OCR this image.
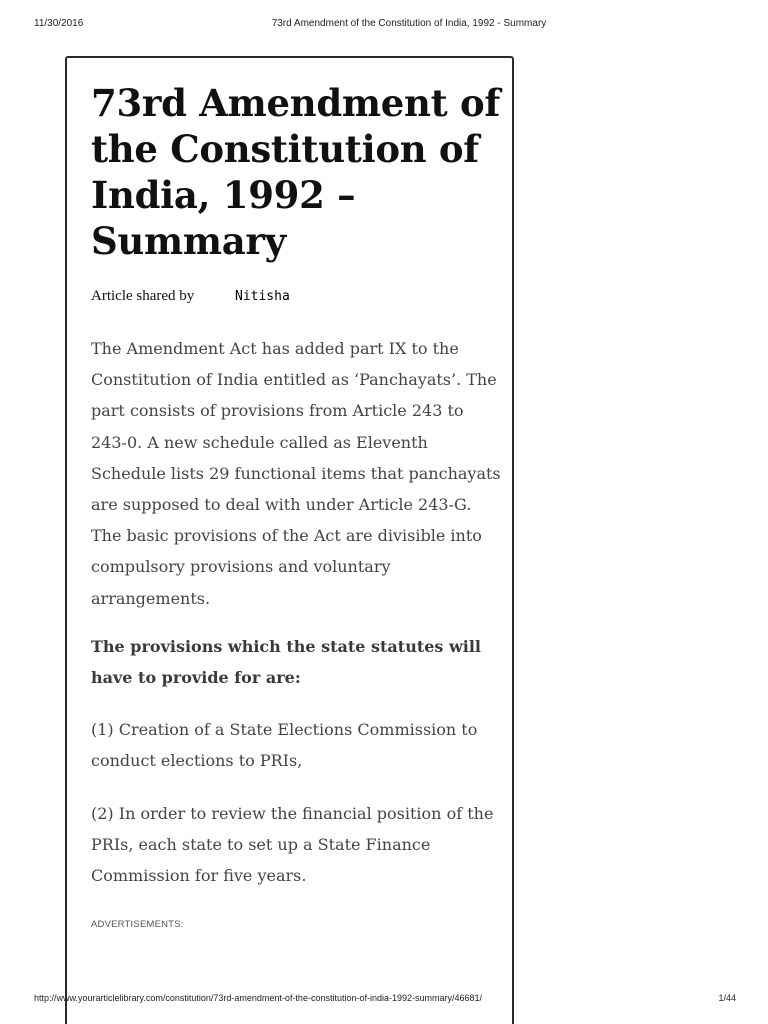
11/30/2016	73rd Amendment of the Constitution of India, 1992 - Summary
73rd Amendment of the Constitution of India, 1992 – Summary
Article shared by	Nitisha

The Amendment Act has added part IX to the Constitution of India entitled as ‘Panchayats’. The part consists of provisions from Article 243 to 243-0. A new schedule called as Eleventh Schedule lists 29 functional items that panchayats are supposed to deal with under Article 243-G. The basic provisions of the Act are divisible into compulsory provisions and voluntary arrangements.

The provisions which the state statutes will have to provide for are:

(1) Creation of a State Elections Commission to conduct elections to PRIs,

(2) In order to review the financial position of the PRIs, each state to set up a State Finance Commission for five years.

ADVERTISEMENTS:
http://www.yourarticlelibrary.com/constitution/73rd-amendment-of-the-constitution-of-india-1992-summary/46681/	1/44
